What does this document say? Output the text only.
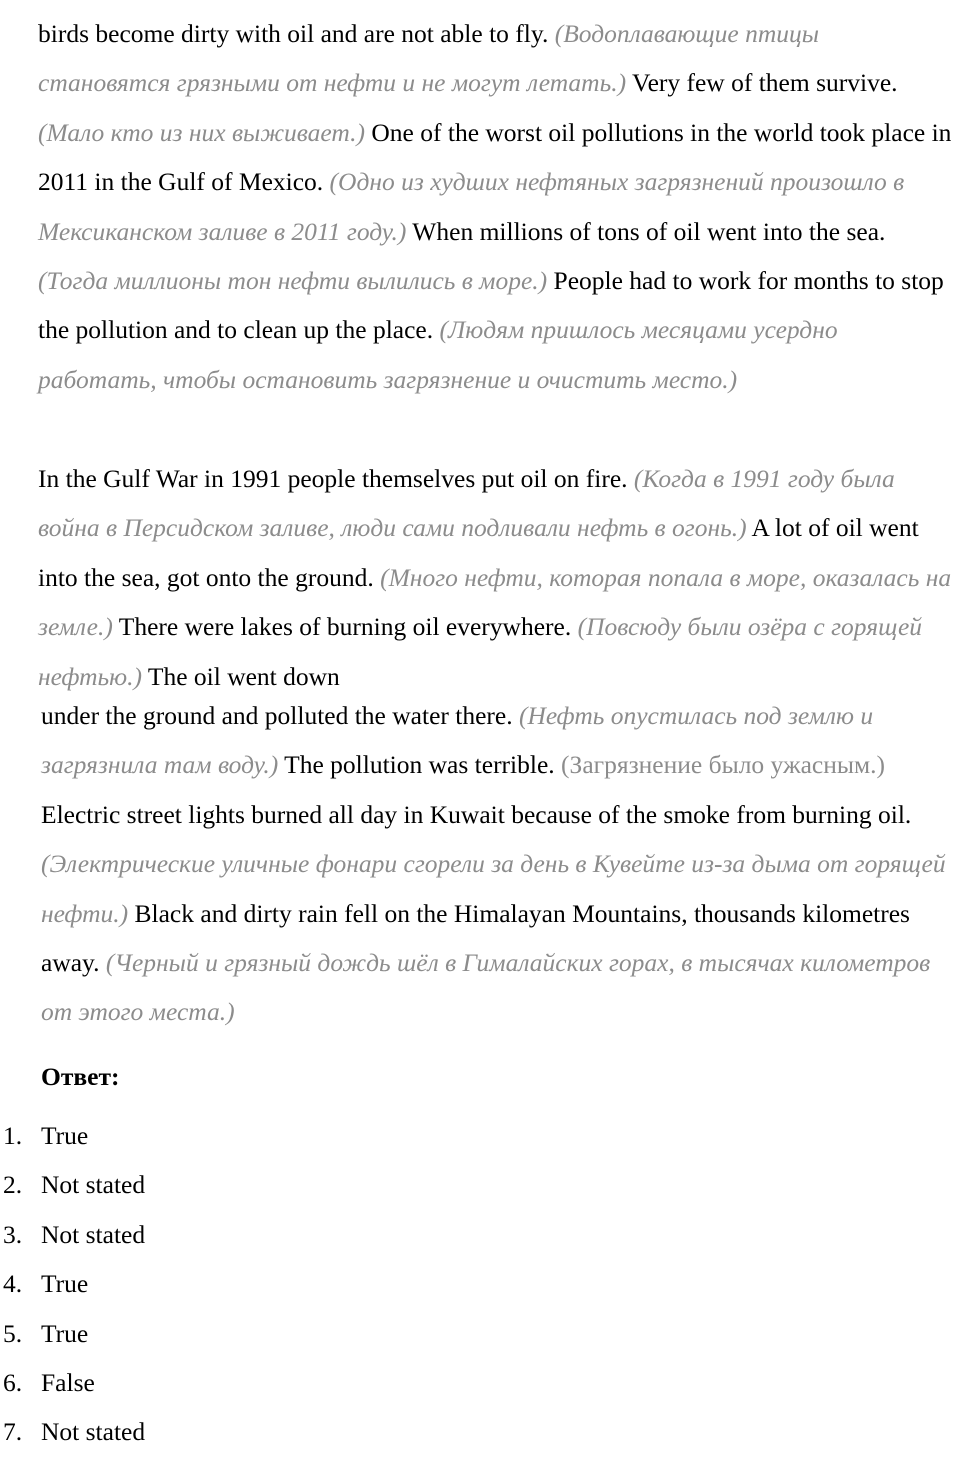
birds become dirty with oil and are not able to fly. (Водоплавающие птицы становятся грязными от нефти и не могут летать.) Very few of them survive. (Мало кто из них выживает.) One of the worst oil pollutions in the world took place in 2011 in the Gulf of Mexico. (Одно из худших нефтяных загрязнений произошло в Мексиканском заливе в 2011 году.) When millions of tons of oil went into the sea. (Тогда миллионы тон нефти вылились в море.) People had to work for months to stop the pollution and to clean up the place. (Людям пришлось месяцами усердно работать, чтобы остановить загрязнение и очистить место.)

In the Gulf War in 1991 people themselves put oil on fire. (Когда в 1991 году была война в Персидском заливе, люди сами подливали нефть в огонь.) A lot of oil went into the sea, got onto the ground. (Много нефти, которая попала в море, оказалась на земле.) There were lakes of burning oil everywhere. (Повсюду были озёра с горящей нефтью.) The oil went down

under the ground and polluted the water there. (Нефть опустилась под землю и загрязнила там воду.) The pollution was terrible. (Загрязнение было ужасным.) Electric street lights burned all day in Kuwait because of the smoke from burning oil. (Электрические уличные фонари сгорели за день в Кувейте из-за дыма от горящей нефти.) Black and dirty rain fell on the Himalayan Mountains, thousands kilometres away. (Черный и грязный дождь шёл в Гималайских горах, в тысячах километров от этого места.)

Ответ:
1. True
2. Not stated
3. Not stated
4. True
5. True
6. False
7. Not stated
